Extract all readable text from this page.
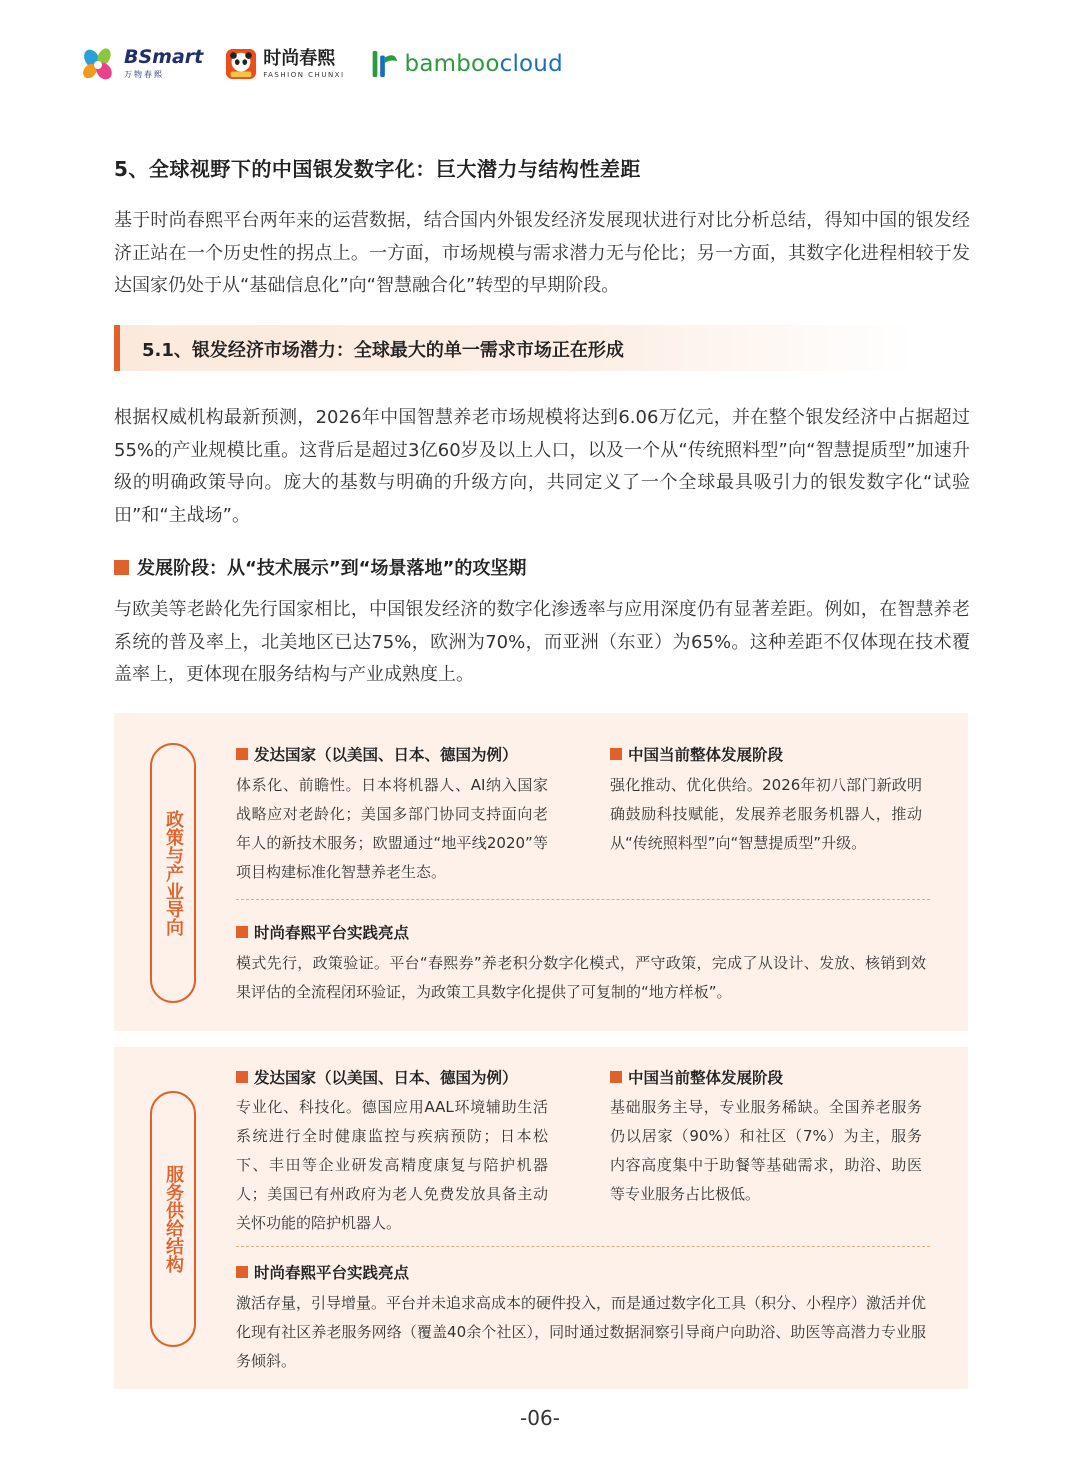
BSmart
万物春熙
时尚春熙
FASHION CHUNXI	bamboocloud
5、全球视野下的中国银发数字化：巨大潜力与结构性差距

基于时尚春熙平台两年来的运营数据，结合国内外银发经济发展现状进行对比分析总结，得知中国的银发经济正站在一个历史性的拐点上。一方面，市场规模与需求潜力无与伦比；另一方面，其数字化进程相较于发达国家仍处于从“基础信息化”向“智慧融合化”转型的早期阶段。

5.1、银发经济市场潜力：全球最大的单一需求市场正在形成

根据权威机构最新预测，2026年中国智慧养老市场规模将达到6.06万亿元，并在整个银发经济中占据超过55%的产业规模比重。这背后是超过3亿60岁及以上人口，以及一个从“传统照料型”向“智慧提质型”加速升级的明确政策导向。庞大的基数与明确的升级方向，共同定义了一个全球最具吸引力的银发数字化“试验田”和“主战场”。

发展阶段：从“技术展示”到“场景落地”的攻坚期

与欧美等老龄化先行国家相比，中国银发经济的数字化渗透率与应用深度仍有显著差距。例如，在智慧养老系统的普及率上，北美地区已达75%，欧洲为70%，而亚洲（东亚）为65%。这种差距不仅体现在技术覆盖率上，更体现在服务结构与产业成熟度上。

政策与产业导向
发达国家（以美国、日本、德国为例）

体系化、前瞻性。日本将机器人、AI纳入国家战略应对老龄化；美国多部门协同支持面向老年人的新技术服务；欧盟通过“地平线2020”等项目构建标准化智慧养老生态。

中国当前整体发展阶段

强化推动、优化供给。2026年初八部门新政明确鼓励科技赋能，发展养老服务机器人，推动从“传统照料型”向“智慧提质型”升级。

时尚春熙平台实践亮点

模式先行，政策验证。平台“春熙券”养老积分数字化模式，严守政策，完成了从设计、发放、核销到效果评估的全流程闭环验证，为政策工具数字化提供了可复制的“地方样板”。

服务供给结构
发达国家（以美国、日本、德国为例）

专业化、科技化。德国应用AAL环境辅助生活系统进行全时健康监控与疾病预防；日本松下、丰田等企业研发高精度康复与陪护机器人；美国已有州政府为老人免费发放具备主动关怀功能的陪护机器人。

中国当前整体发展阶段

基础服务主导，专业服务稀缺。全国养老服务仍以居家（90%）和社区（7%）为主，服务内容高度集中于助餐等基础需求，助浴、助医等专业服务占比极低。

时尚春熙平台实践亮点

激活存量，引导增量。平台并未追求高成本的硬件投入，而是通过数字化工具（积分、小程序）激活并优化现有社区养老服务网络（覆盖40余个社区），同时通过数据洞察引导商户向助浴、助医等高潜力专业服务倾斜。

-06-
